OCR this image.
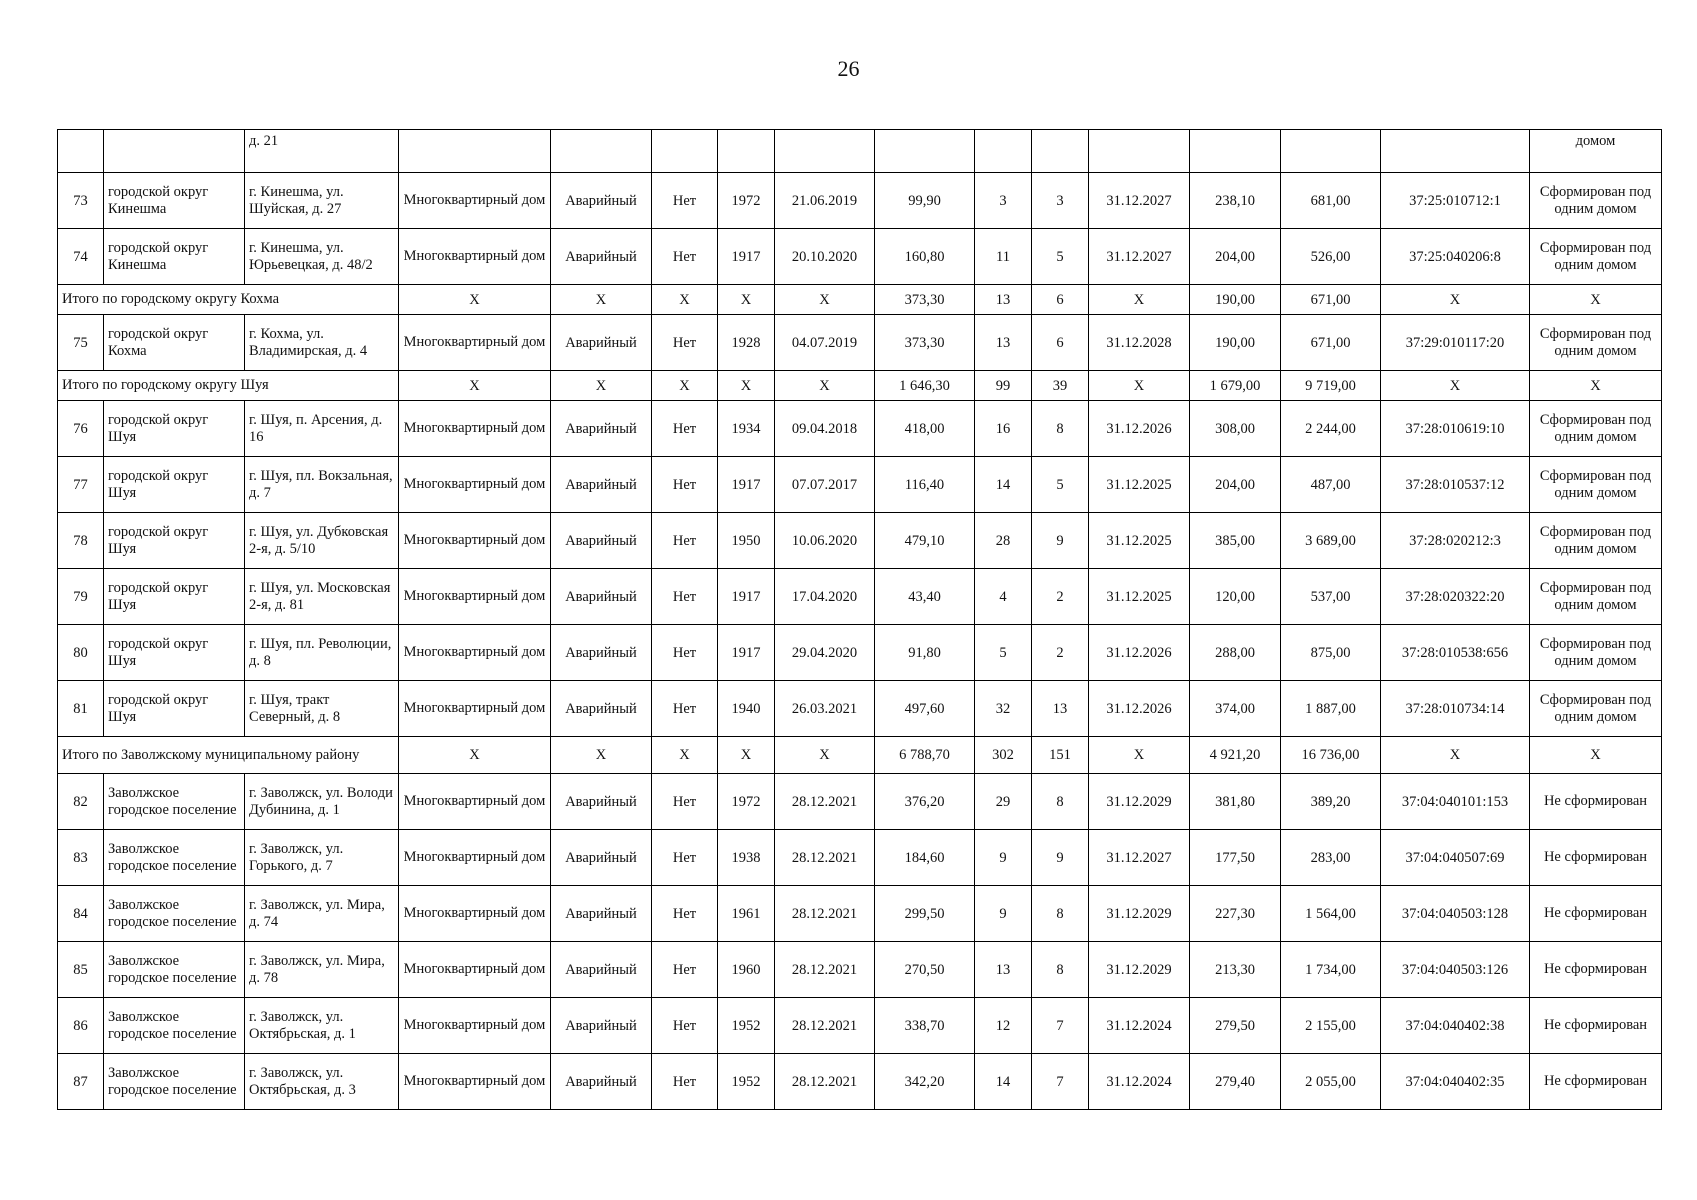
26
		д. 21													домом
73	городской округ Кинешма	г. Кинешма, ул. Шуйская, д. 27	Многоквартирный дом	Аварийный	Нет	1972	21.06.2019	99,90	3	3	31.12.2027	238,10	681,00	37:25:010712:1	Сформирован под одним домом
74	городской округ Кинешма	г. Кинешма, ул. Юрьевецкая, д. 48/2	Многоквартирный дом	Аварийный	Нет	1917	20.10.2020	160,80	11	5	31.12.2027	204,00	526,00	37:25:040206:8	Сформирован под одним домом
Итого по городскому округу Кохма			X	X	X	X	X	373,30	13	6	X	190,00	671,00	X	X
75	городской округ Кохма	г. Кохма, ул. Владимирская, д. 4	Многоквартирный дом	Аварийный	Нет	1928	04.07.2019	373,30	13	6	31.12.2028	190,00	671,00	37:29:010117:20	Сформирован под одним домом
Итого по городскому округу Шуя			X	X	X	X	X	1 646,30	99	39	X	1 679,00	9 719,00	X	X
76	городской округ Шуя	г. Шуя, п. Арсения, д. 16	Многоквартирный дом	Аварийный	Нет	1934	09.04.2018	418,00	16	8	31.12.2026	308,00	2 244,00	37:28:010619:10	Сформирован под одним домом
77	городской округ Шуя	г. Шуя, пл. Вокзальная, д. 7	Многоквартирный дом	Аварийный	Нет	1917	07.07.2017	116,40	14	5	31.12.2025	204,00	487,00	37:28:010537:12	Сформирован под одним домом
78	городской округ Шуя	г. Шуя, ул. Дубковская 2-я, д. 5/10	Многоквартирный дом	Аварийный	Нет	1950	10.06.2020	479,10	28	9	31.12.2025	385,00	3 689,00	37:28:020212:3	Сформирован под одним домом
79	городской округ Шуя	г. Шуя, ул. Московская 2-я, д. 81	Многоквартирный дом	Аварийный	Нет	1917	17.04.2020	43,40	4	2	31.12.2025	120,00	537,00	37:28:020322:20	Сформирован под одним домом
80	городской округ Шуя	г. Шуя, пл. Революции, д. 8	Многоквартирный дом	Аварийный	Нет	1917	29.04.2020	91,80	5	2	31.12.2026	288,00	875,00	37:28:010538:656	Сформирован под одним домом
81	городской округ Шуя	г. Шуя, тракт Северный, д. 8	Многоквартирный дом	Аварийный	Нет	1940	26.03.2021	497,60	32	13	31.12.2026	374,00	1 887,00	37:28:010734:14	Сформирован под одним домом
Итого по Заволжскому муниципальному району			X	X	X	X	X	6 788,70	302	151	X	4 921,20	16 736,00	X	X
82	Заволжское городское поселение	г. Заволжск, ул. Володи Дубинина, д. 1	Многоквартирный дом	Аварийный	Нет	1972	28.12.2021	376,20	29	8	31.12.2029	381,80	389,20	37:04:040101:153	Не сформирован
83	Заволжское городское поселение	г. Заволжск, ул. Горького, д. 7	Многоквартирный дом	Аварийный	Нет	1938	28.12.2021	184,60	9	9	31.12.2027	177,50	283,00	37:04:040507:69	Не сформирован
84	Заволжское городское поселение	г. Заволжск, ул. Мира, д. 74	Многоквартирный дом	Аварийный	Нет	1961	28.12.2021	299,50	9	8	31.12.2029	227,30	1 564,00	37:04:040503:128	Не сформирован
85	Заволжское городское поселение	г. Заволжск, ул. Мира, д. 78	Многоквартирный дом	Аварийный	Нет	1960	28.12.2021	270,50	13	8	31.12.2029	213,30	1 734,00	37:04:040503:126	Не сформирован
86	Заволжское городское поселение	г. Заволжск, ул. Октябрьская, д. 1	Многоквартирный дом	Аварийный	Нет	1952	28.12.2021	338,70	12	7	31.12.2024	279,50	2 155,00	37:04:040402:38	Не сформирован
87	Заволжское городское поселение	г. Заволжск, ул. Октябрьская, д. 3	Многоквартирный дом	Аварийный	Нет	1952	28.12.2021	342,20	14	7	31.12.2024	279,40	2 055,00	37:04:040402:35	Не сформирован
